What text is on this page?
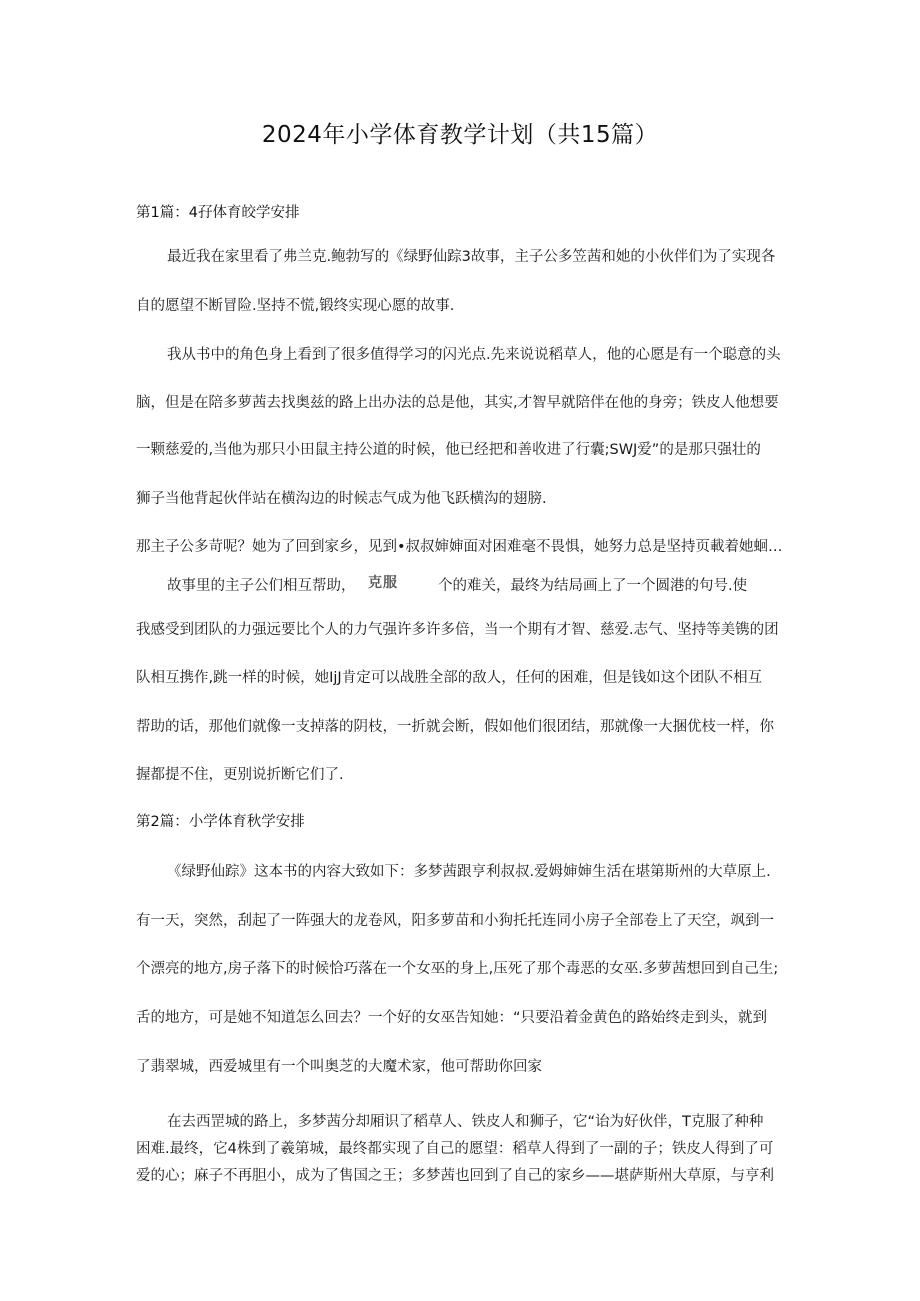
2024年小学体育教学计划（共15篇）
第1篇：4孖体育皎学安排
最近我在家里看了弗兰克.鲍勃写的《绿野仙踪3故事，主子公多笠茜和她的小伙伴们为了实现各
自的愿望不断冒险.坚持不慌,锻终实现心愿的故事.
我从书中的角色身上看到了很多值得学习的闪光点.先来说说稻草人，他的心愿是有一个聪意的头
脑，但是在陪多萝茜去找奥兹的路上出办法的总是他，其实,才智早就陪伴在他的身旁；铁皮人他想要
一颗慈爱的,当他为那只小田鼠主持公道的时候，他已经把和善收进了行囊;SWJ爱”的是那只强壮的
狮子当他背起伙伴站在横沟边的时候志气成为他飞跃横沟的翅膀.
那主子公多苛呢？她为了回到家乡，见到•叔叔婶婶面对困难毫不畏惧，她努力总是坚持页載着她蛔…
故事里的主子公们相互帮助， 克服	个的难关，最终为结局画上了一个圆港的句号.使
我感受到团队的力强远要比个人的力气强许多许多倍，当一个期有才智、慈爱.志气、坚持等美镌的团
队相互携作,跳一样的时候，她IjJ肯定可以战胜全部的敌人，任何的困难，但是钱如这个团队不相互
帮助的话，那他们就像一支掉落的阴枝，一折就会断，假如他们很团结，那就像一大捆优枝一样，你
握都提不住，更别说折断它们了.
第2篇：小学体育秋学安排
《绿野仙踪》这本书的内容大致如下：多梦茜跟亨利叔叔.爱姆婶婶生活在堪第斯州的大草原上.
有一天，突然，刮起了一阵强大的龙卷风，阳多萝苗和小狗托托连同小房子全部卷上了天空，飒到一
个漂亮的地方,房子落下的时候恰巧落在一个女巫的身上,压死了那个毒恶的女巫.多萝茜想回到自己生;
舌的地方，可是她不知道怎么回去？一个好的女巫告知她：“只要沿着金黄色的路始终走到头，就到
了翡翠城，西爱城里有一个叫奥芝的大魔术家，他可帮助你回家
在去西罡城的路上，多梦茜分却厢识了稻草人、铁皮人和狮子，它“诒为好伙伴，T克服了种种
困难.最终，它4株到了羲第城，最终都实现了自己的愿望：稻草人得到了一副的子；铁皮人得到了可
爱的心；麻子不再胆小，成为了售国之王；多梦茜也回到了自己的家乡——堪萨斯州大草原，与亨利
